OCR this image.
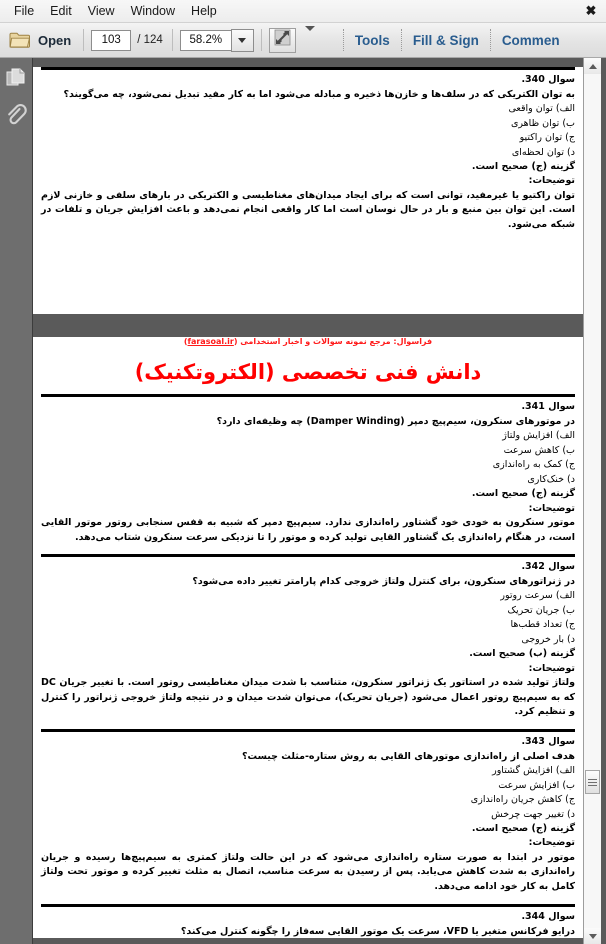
File	Edit	View	Window	Help	✖
Open	103	/ 124	58.2%	Tools Fill & Sign Commen

سوال 340.

به توان الکتریکی که در سلف‌ها و خازن‌ها ذخیره و مبادله می‌شود اما به کار مفید تبدیل نمی‌شود، چه می‌گویند؟

الف) توان واقعی

ب) توان ظاهری

ج) توان راکتیو

د) توان لحظه‌ای

گزینه (ج) صحیح است.

توضیحات:

توان راکتیو یا غیرمفید، توانی است که برای ایجاد میدان‌های مغناطیسی و الکتریکی در بارهای سلفی و خازنی لازم است. این توان بین منبع و بار در حال نوسان است اما کار واقعی انجام نمی‌دهد و باعث افزایش جریان و تلفات در شبکه می‌شود.

فراسوال: مرجع نمونه سوالات و اخبار استخدامی (farasoal.ir)

دانش فنی تخصصی (الکتروتکنیک)

سوال 341.

در موتورهای سنکرون، سیم‌پیچ دمپر (Damper Winding) چه وظیفه‌ای دارد؟

الف) افزایش ولتاژ

ب) کاهش سرعت

ج) کمک به راه‌اندازی

د) خنک‌کاری

گزینه (ج) صحیح است.

توضیحات:

موتور سنکرون به خودی خود گشتاور راه‌اندازی ندارد. سیم‌پیچ دمپر که شبیه به قفس سنجابی روتور موتور القایی است، در هنگام راه‌اندازی یک گشتاور القایی تولید کرده و موتور را تا نزدیکی سرعت سنکرون شتاب می‌دهد.

سوال 342.

در ژنراتورهای سنکرون، برای کنترل ولتاژ خروجی کدام پارامتر تغییر داده می‌شود؟

الف) سرعت روتور

ب) جریان تحریک

ج) تعداد قطب‌ها

د) بار خروجی

گزینه (ب) صحیح است.

توضیحات:

ولتاژ تولید شده در استاتور یک ژنراتور سنکرون، متناسب با شدت میدان مغناطیسی روتور است. با تغییر جریان DC که به سیم‌پیچ روتور اعمال می‌شود (جریان تحریک)، می‌توان شدت میدان و در نتیجه ولتاژ خروجی ژنراتور را کنترل و تنظیم کرد.

سوال 343.

هدف اصلی از راه‌اندازی موتورهای القایی به روش ستاره-مثلث چیست؟

الف) افزایش گشتاور

ب) افزایش سرعت

ج) کاهش جریان راه‌اندازی

د) تغییر جهت چرخش

گزینه (ج) صحیح است.

توضیحات:

موتور در ابتدا به صورت ستاره راه‌اندازی می‌شود که در این حالت ولتاژ کمتری به سیم‌پیچ‌ها رسیده و جریان راه‌اندازی به شدت کاهش می‌یابد. پس از رسیدن به سرعت مناسب، اتصال به مثلث تغییر کرده و موتور تحت ولتاژ کامل به کار خود ادامه می‌دهد.

سوال 344.

درایو فرکانس متغیر یا VFD، سرعت یک موتور القایی سه‌فاز را چگونه کنترل می‌کند؟
